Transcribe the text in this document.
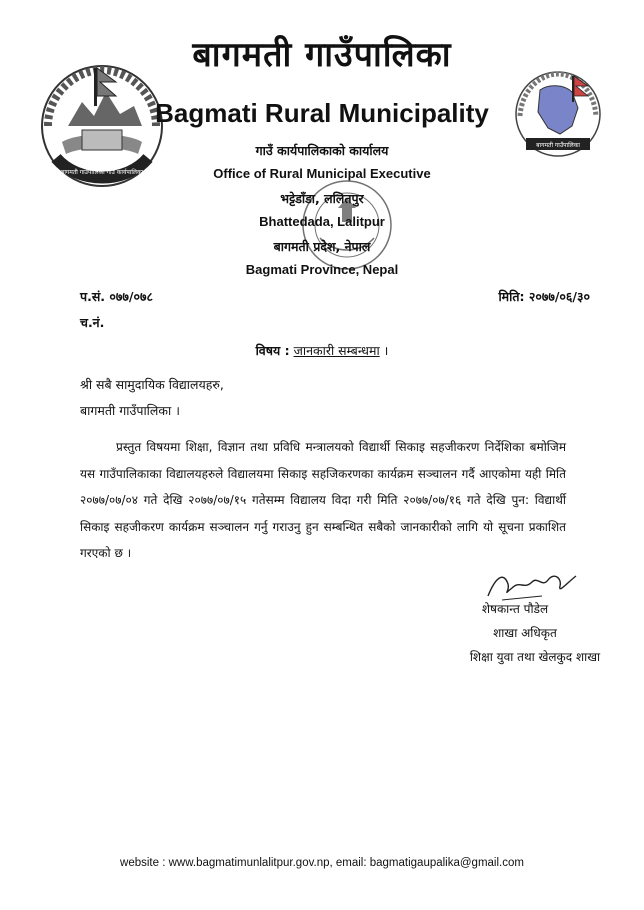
बागमती गाउँपालिका गाउँ कार्यपालिका
बागमती गाउँपालिका
बागमती गाउँपालिका
Bagmati Rural Municipality
गाउँ कार्यपालिकाको कार्यालय
Office of Rural Municipal Executive
भट्टेडाँडा, ललितपुर
Bhattedada, Lalitpur
बागमती प्रदेश, नेपाल
Bagmati Province, Nepal
प.सं. ०७७/०७८	मिति: २०७७/०६/३०
च.नं.
विषय : जानकारी सम्बन्धमा ।
श्री सबै सामुदायिक विद्यालयहरु,
बागमती गाउँपालिका ।
प्रस्तुत विषयमा शिक्षा, विज्ञान तथा प्रविधि मन्त्रालयको विद्यार्थी सिकाइ सहजीकरण निर्देशिका बमोजिम यस गाउँपालिकाका विद्यालयहरुले विद्यालयमा सिकाइ सहजिकरणका कार्यक्रम सञ्चालन गर्दै आएकोमा यही मिति २०७७/०७/०४ गते देखि २०७७/०७/१५ गतेसम्म विद्यालय विदा गरी मिति २०७७/०७/१६ गते देखि पुन: विद्यार्थी सिकाइ सहजीकरण कार्यक्रम सञ्चालन गर्नु गराउनु हुन सम्बन्धित सबैको जानकारीको लागि यो सूचना प्रकाशित गरएको छ ।
शेषकान्त पौडेल
शाखा अधिकृत
शिक्षा युवा तथा खेलकुद शाखा
website : www.bagmatimunlalitpur.gov.np, email: bagmatigaupalika@gmail.com
